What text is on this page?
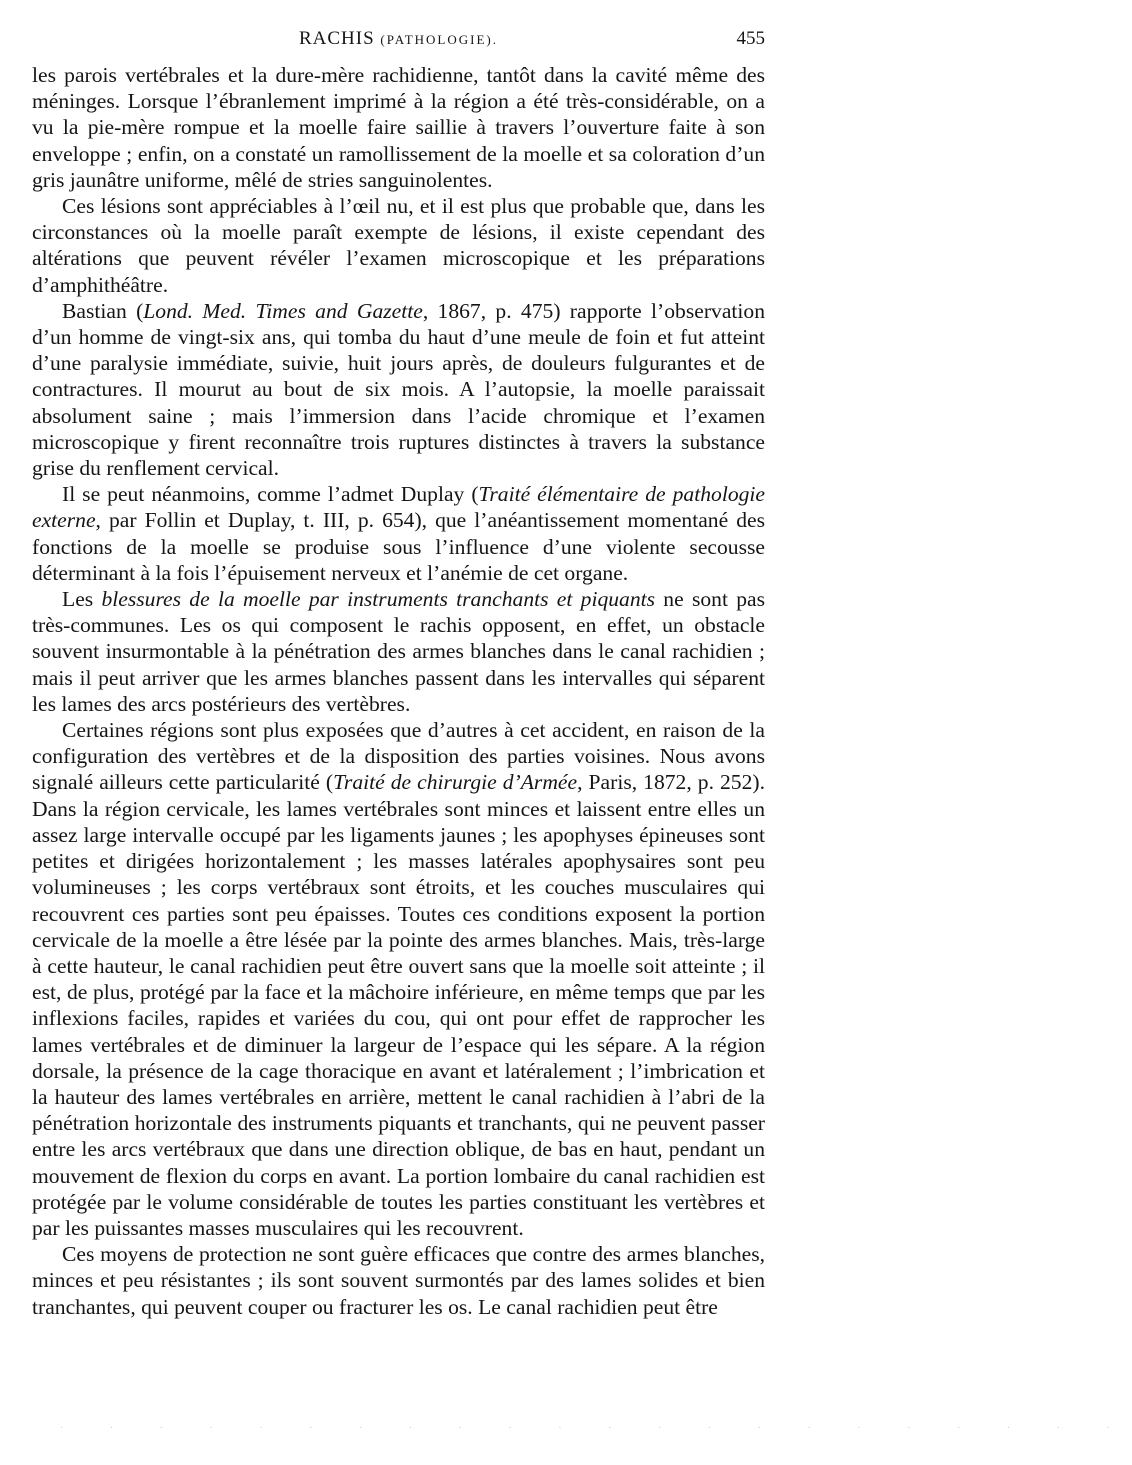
RACHIS (PATHOLOGIE).	455

les parois vertébrales et la dure-mère rachidienne, tantôt dans la cavité même des méninges. Lorsque l’ébranlement imprimé à la région a été très-considérable, on a vu la pie-mère rompue et la moelle faire saillie à travers l’ouverture faite à son enveloppe ; enfin, on a constaté un ramollissement de la moelle et sa coloration d’un gris jaunâtre uniforme, mêlé de stries sanguinolentes.

Ces lésions sont appréciables à l’œil nu, et il est plus que probable que, dans les circonstances où la moelle paraît exempte de lésions, il existe cependant des altérations que peuvent révéler l’examen microscopique et les préparations d’amphithéâtre.

Bastian (Lond. Med. Times and Gazette, 1867, p. 475) rapporte l’observation d’un homme de vingt-six ans, qui tomba du haut d’une meule de foin et fut atteint d’une paralysie immédiate, suivie, huit jours après, de douleurs fulgurantes et de contractures. Il mourut au bout de six mois. A l’autopsie, la moelle paraissait absolument saine ; mais l’immersion dans l’acide chromique et l’examen microscopique y firent reconnaître trois ruptures distinctes à travers la substance grise du renflement cervical.

Il se peut néanmoins, comme l’admet Duplay (Traité élémentaire de pathologie externe, par Follin et Duplay, t. III, p. 654), que l’anéantissement momentané des fonctions de la moelle se produise sous l’influence d’une violente secousse déterminant à la fois l’épuisement nerveux et l’anémie de cet organe.

Les blessures de la moelle par instruments tranchants et piquants ne sont pas très-communes. Les os qui composent le rachis opposent, en effet, un obstacle souvent insurmontable à la pénétration des armes blanches dans le canal rachidien ; mais il peut arriver que les armes blanches passent dans les intervalles qui séparent les lames des arcs postérieurs des vertèbres.

Certaines régions sont plus exposées que d’autres à cet accident, en raison de la configuration des vertèbres et de la disposition des parties voisines. Nous avons signalé ailleurs cette particularité (Traité de chirurgie d’Armée, Paris, 1872, p. 252). Dans la région cervicale, les lames vertébrales sont minces et laissent entre elles un assez large intervalle occupé par les ligaments jaunes ; les apophyses épineuses sont petites et dirigées horizontalement ; les masses latérales apophysaires sont peu volumineuses ; les corps vertébraux sont étroits, et les couches musculaires qui recouvrent ces parties sont peu épaisses. Toutes ces conditions exposent la portion cervicale de la moelle a être lésée par la pointe des armes blanches. Mais, très-large à cette hauteur, le canal rachidien peut être ouvert sans que la moelle soit atteinte ; il est, de plus, protégé par la face et la mâchoire inférieure, en même temps que par les inflexions faciles, rapides et variées du cou, qui ont pour effet de rapprocher les lames vertébrales et de diminuer la largeur de l’espace qui les sépare. A la région dorsale, la présence de la cage thoracique en avant et latéralement ; l’imbrication et la hauteur des lames vertébrales en arrière, mettent le canal rachidien à l’abri de la pénétration horizontale des instruments piquants et tranchants, qui ne peuvent passer entre les arcs vertébraux que dans une direction oblique, de bas en haut, pendant un mouvement de flexion du corps en avant. La portion lombaire du canal rachidien est protégée par le volume considérable de toutes les parties constituant les vertèbres et par les puissantes masses musculaires qui les recouvrent.

Ces moyens de protection ne sont guère efficaces que contre des armes blanches, minces et peu résistantes ; ils sont souvent surmontés par des lames solides et bien tranchantes, qui peuvent couper ou fracturer les os. Le canal rachidien peut être

· · · · · · · · · · · · · · · · · · · · · ·
